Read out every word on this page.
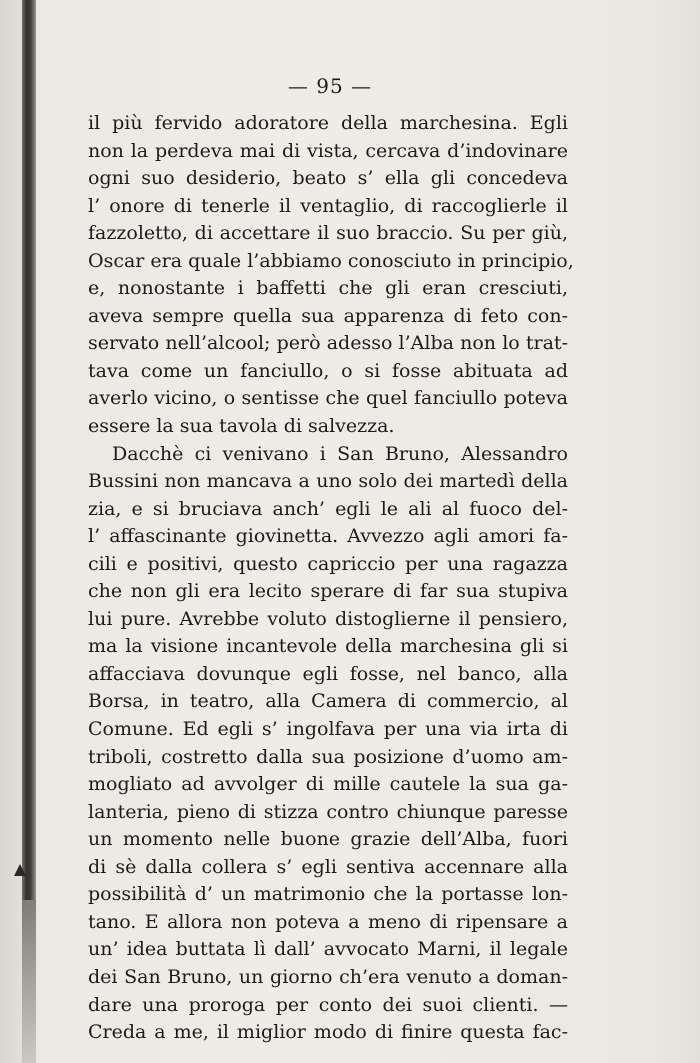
— 95 —
il più fervido adoratore della marchesina. Egli
non la perdeva mai di vista, cercava d’indovinare
ogni suo desiderio, beato s’ ella gli concedeva
l’ onore di tenerle il ventaglio, di raccoglierle il
fazzoletto, di accettare il suo braccio. Su per giù,
Oscar era quale l’abbiamo conosciuto in principio,
e, nonostante i baffetti che gli eran cresciuti,
aveva sempre quella sua apparenza di feto con-
servato nell’alcool; però adesso l’Alba non lo trat-
tava come un fanciullo, o si fosse abituata ad
averlo vicino, o sentisse che quel fanciullo poteva
essere la sua tavola di salvezza.
Dacchè ci venivano i San Bruno, Alessandro
Bussini non mancava a uno solo dei martedì della
zia, e si bruciava anch’ egli le ali al fuoco del-
l’ affascinante giovinetta. Avvezzo agli amori fa-
cili e positivi, questo capriccio per una ragazza
che non gli era lecito sperare di far sua stupiva
lui pure. Avrebbe voluto distoglierne il pensiero,
ma la visione incantevole della marchesina gli si
affacciava dovunque egli fosse, nel banco, alla
Borsa, in teatro, alla Camera di commercio, al
Comune. Ed egli s’ ingolfava per una via irta di
triboli, costretto dalla sua posizione d’uomo am-
mogliato ad avvolger di mille cautele la sua ga-
lanteria, pieno di stizza contro chiunque paresse
un momento nelle buone grazie dell’Alba, fuori
di sè dalla collera s’ egli sentiva accennare alla
possibilità d’ un matrimonio che la portasse lon-
tano. E allora non poteva a meno di ripensare a
un’ idea buttata lì dall’ avvocato Marni, il legale
dei San Bruno, un giorno ch’era venuto a doman-
dare una proroga per conto dei suoi clienti. —
Creda a me, il miglior modo di finire questa fac-
